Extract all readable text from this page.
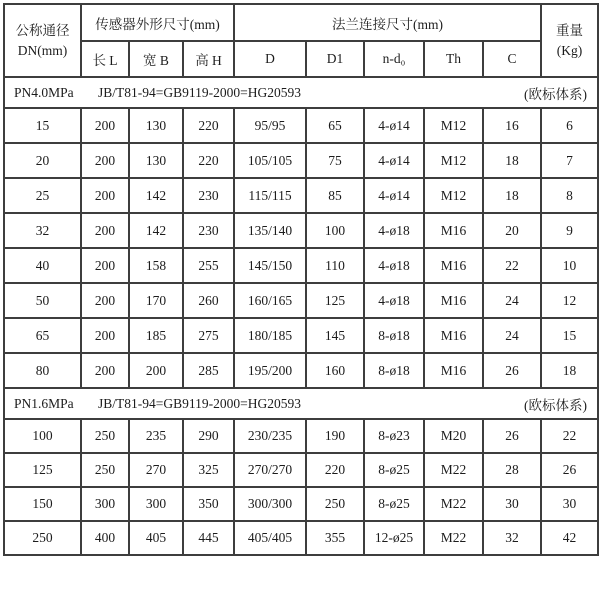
公称通径
DN(mm)
	传感器外形尺寸(mm)	法兰连接尺寸(mm)	重量
(Kg)

	长 L	宽 B	高 H	D	D1	n-d₀	Th	C	

PN4.0MPa JB/T81-94=GB9119-2000=HG20593 (欧标体系)									

15	200	130	220	95/95	65	4-ø14	M12	16	6
20	200	130	220	105/105	75	4-ø14	M12	18	7
25	200	142	230	115/115	85	4-ø14	M12	18	8
32	200	142	230	135/140	100	4-ø18	M16	20	9
40	200	158	255	145/150	110	4-ø18	M16	22	10
50	200	170	260	160/165	125	4-ø18	M16	24	12
65	200	185	275	180/185	145	8-ø18	M16	24	15
80	200	200	285	195/200	160	8-ø18	M16	26	18

PN1.6MPa JB/T81-94=GB9119-2000=HG20593 (欧标体系)									

100	250	235	290	230/235	190	8-ø23	M20	26	22
125	250	270	325	270/270	220	8-ø25	M22	28	26
150	300	300	350	300/300	250	8-ø25	M22	30	30
250	400	405	445	405/405	355	12-ø25	M22	32	42
